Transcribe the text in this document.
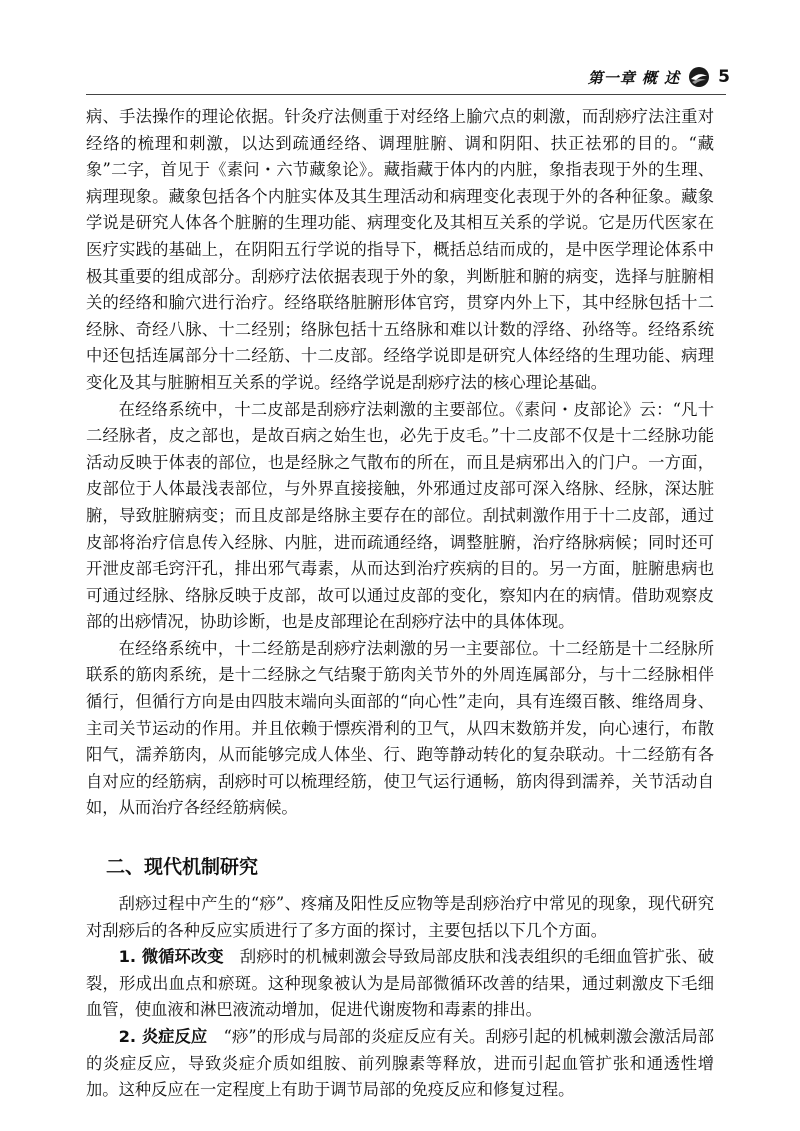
第一章 概 述 5

病、手法操作的理论依据。针灸疗法侧重于对经络上腧穴点的刺激，而刮痧疗法注重对经络的梳理和刺激，以达到疏通经络、调理脏腑、调和阴阳、扶正祛邪的目的。“藏象”二字，首见于《素问・六节藏象论》。藏指藏于体内的内脏，象指表现于外的生理、病理现象。藏象包括各个内脏实体及其生理活动和病理变化表现于外的各种征象。藏象学说是研究人体各个脏腑的生理功能、病理变化及其相互关系的学说。它是历代医家在医疗实践的基础上，在阴阳五行学说的指导下，概括总结而成的，是中医学理论体系中极其重要的组成部分。刮痧疗法依据表现于外的象，判断脏和腑的病变，选择与脏腑相关的经络和腧穴进行治疗。经络联络脏腑形体官窍，贯穿内外上下，其中经脉包括十二经脉、奇经八脉、十二经别；络脉包括十五络脉和难以计数的浮络、孙络等。经络系统中还包括连属部分十二经筋、十二皮部。经络学说即是研究人体经络的生理功能、病理变化及其与脏腑相互关系的学说。经络学说是刮痧疗法的核心理论基础。

在经络系统中，十二皮部是刮痧疗法刺激的主要部位。《素问・皮部论》云：“凡十二经脉者，皮之部也，是故百病之始生也，必先于皮毛。”十二皮部不仅是十二经脉功能活动反映于体表的部位，也是经脉之气散布的所在，而且是病邪出入的门户。一方面，皮部位于人体最浅表部位，与外界直接接触，外邪通过皮部可深入络脉、经脉，深达脏腑，导致脏腑病变；而且皮部是络脉主要存在的部位。刮拭刺激作用于十二皮部，通过皮部将治疗信息传入经脉、内脏，进而疏通经络，调整脏腑，治疗络脉病候；同时还可开泄皮部毛窍汗孔，排出邪气毒素，从而达到治疗疾病的目的。另一方面，脏腑患病也可通过经脉、络脉反映于皮部，故可以通过皮部的变化，察知内在的病情。借助观察皮部的出痧情况，协助诊断，也是皮部理论在刮痧疗法中的具体体现。

在经络系统中，十二经筋是刮痧疗法刺激的另一主要部位。十二经筋是十二经脉所联系的筋肉系统，是十二经脉之气结聚于筋肉关节外的外周连属部分，与十二经脉相伴循行，但循行方向是由四肢末端向头面部的“向心性”走向，具有连缀百骸、维络周身、主司关节运动的作用。并且依赖于慓疾滑利的卫气，从四末数筋并发，向心速行，布散阳气，濡养筋肉，从而能够完成人体坐、行、跑等静动转化的复杂联动。十二经筋有各自对应的经筋病，刮痧时可以梳理经筋，使卫气运行通畅，筋肉得到濡养，关节活动自如，从而治疗各经经筋病候。

二、现代机制研究

刮痧过程中产生的“痧”、疼痛及阳性反应物等是刮痧治疗中常见的现象，现代研究对刮痧后的各种反应实质进行了多方面的探讨，主要包括以下几个方面。

1. 微循环改变 刮痧时的机械刺激会导致局部皮肤和浅表组织的毛细血管扩张、破裂，形成出血点和瘀斑。这种现象被认为是局部微循环改善的结果，通过刺激皮下毛细血管，使血液和淋巴液流动增加，促进代谢废物和毒素的排出。

2. 炎症反应 “痧”的形成与局部的炎症反应有关。刮痧引起的机械刺激会激活局部的炎症反应，导致炎症介质如组胺、前列腺素等释放，进而引起血管扩张和通透性增加。这种反应在一定程度上有助于调节局部的免疫反应和修复过程。
